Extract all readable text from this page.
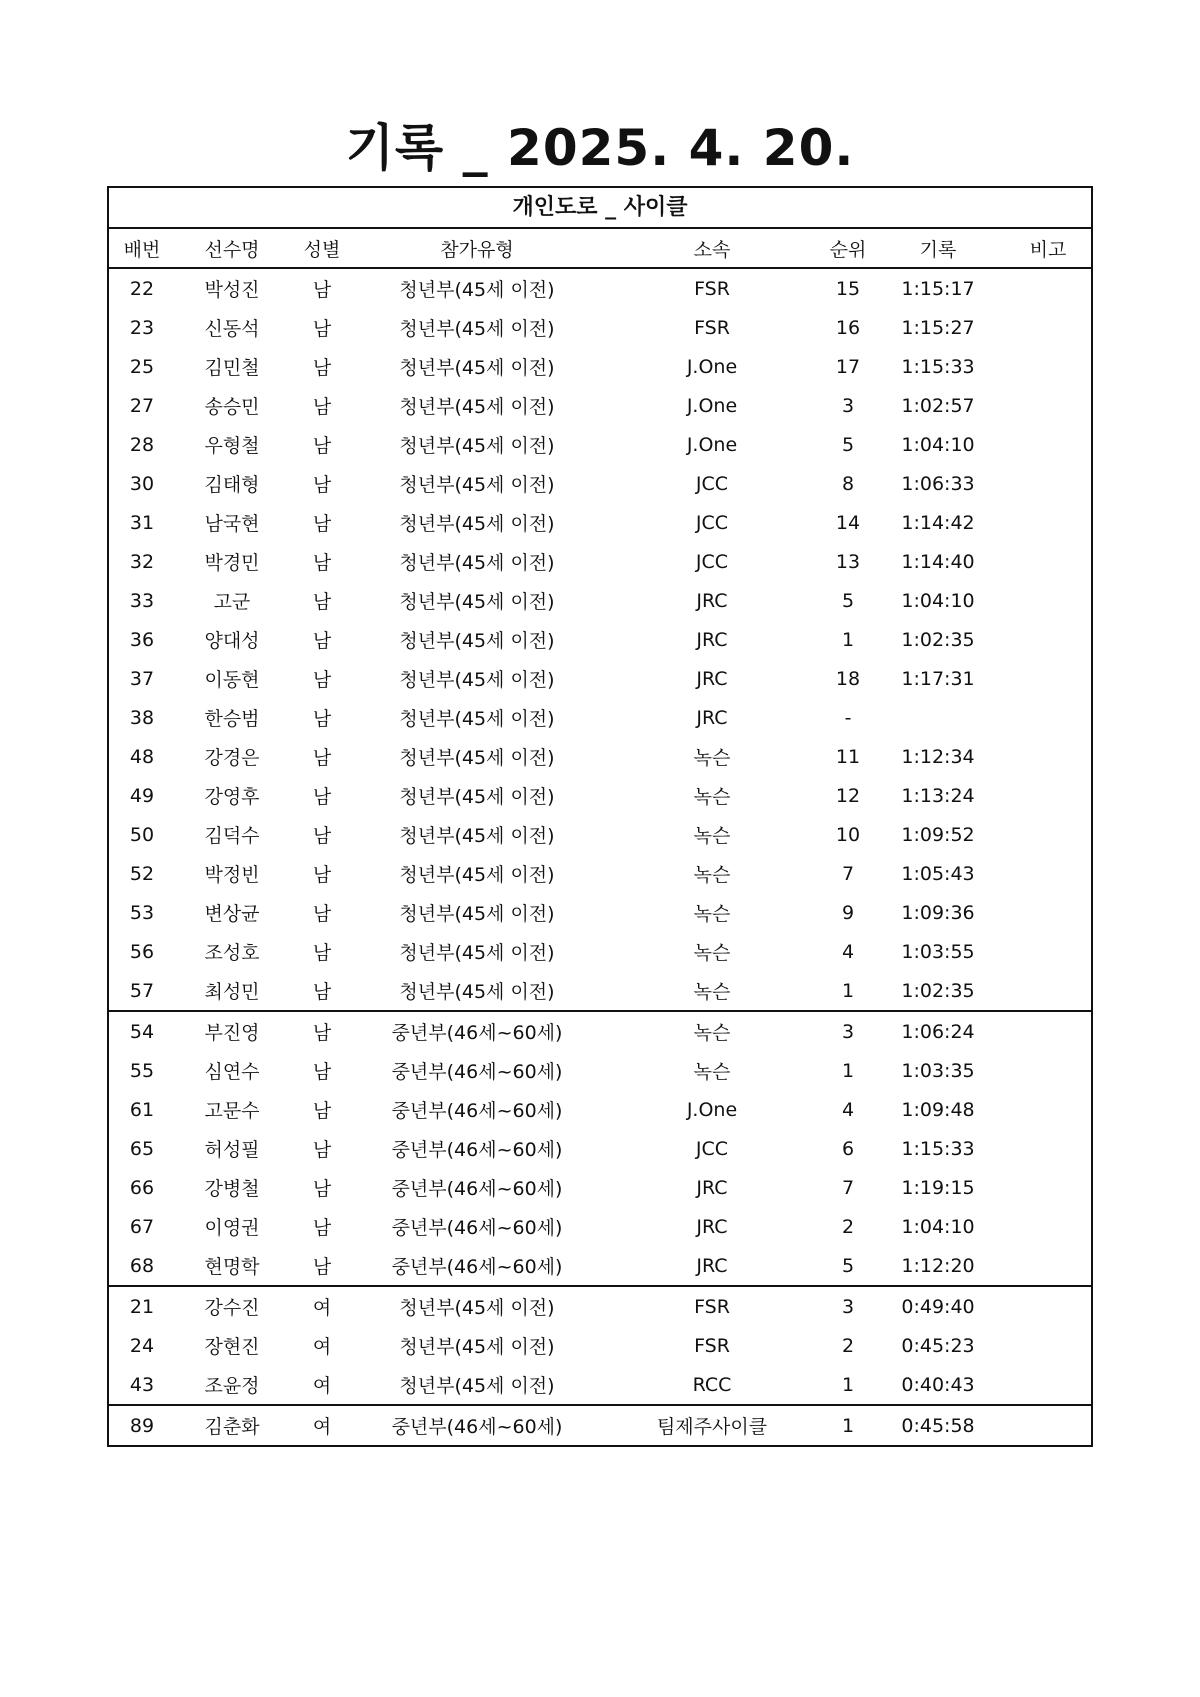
기록 _ 2025. 4. 20.
개인도로 _ 사이클
배번	선수명	성별	참가유형	소속	순위	기록	비고
22	박성진	남	청년부(45세 이전)	FSR	15	1:15:17	
23	신동석	남	청년부(45세 이전)	FSR	16	1:15:27	
25	김민철	남	청년부(45세 이전)	J.One	17	1:15:33	
27	송승민	남	청년부(45세 이전)	J.One	3	1:02:57	
28	우형철	남	청년부(45세 이전)	J.One	5	1:04:10	
30	김태형	남	청년부(45세 이전)	JCC	8	1:06:33	
31	남국현	남	청년부(45세 이전)	JCC	14	1:14:42	
32	박경민	남	청년부(45세 이전)	JCC	13	1:14:40	
33	고군	남	청년부(45세 이전)	JRC	5	1:04:10	
36	양대성	남	청년부(45세 이전)	JRC	1	1:02:35	
37	이동현	남	청년부(45세 이전)	JRC	18	1:17:31	
38	한승범	남	청년부(45세 이전)	JRC	-		
48	강경은	남	청년부(45세 이전)	녹슨	11	1:12:34	
49	강영후	남	청년부(45세 이전)	녹슨	12	1:13:24	
50	김덕수	남	청년부(45세 이전)	녹슨	10	1:09:52	
52	박정빈	남	청년부(45세 이전)	녹슨	7	1:05:43	
53	변상균	남	청년부(45세 이전)	녹슨	9	1:09:36	
56	조성호	남	청년부(45세 이전)	녹슨	4	1:03:55	
57	최성민	남	청년부(45세 이전)	녹슨	1	1:02:35	
54	부진영	남	중년부(46세~60세)	녹슨	3	1:06:24	
55	심연수	남	중년부(46세~60세)	녹슨	1	1:03:35	
61	고문수	남	중년부(46세~60세)	J.One	4	1:09:48	
65	허성필	남	중년부(46세~60세)	JCC	6	1:15:33	
66	강병철	남	중년부(46세~60세)	JRC	7	1:19:15	
67	이영권	남	중년부(46세~60세)	JRC	2	1:04:10	
68	현명학	남	중년부(46세~60세)	JRC	5	1:12:20	
21	강수진	여	청년부(45세 이전)	FSR	3	0:49:40	
24	장현진	여	청년부(45세 이전)	FSR	2	0:45:23	
43	조윤정	여	청년부(45세 이전)	RCC	1	0:40:43	
89	김춘화	여	중년부(46세~60세)	팀제주사이클	1	0:45:58	
